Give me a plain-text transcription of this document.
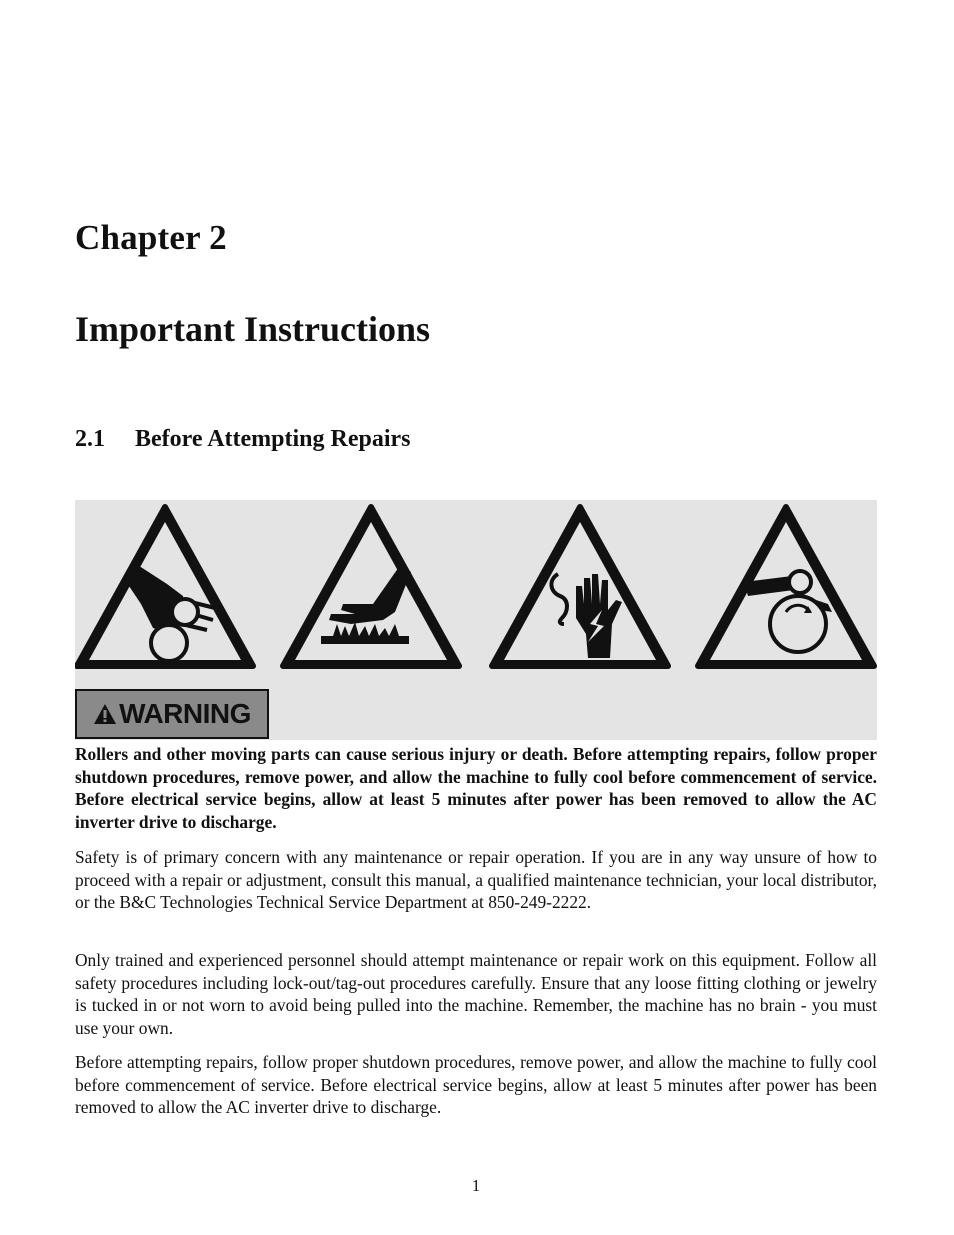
Chapter 2
Important Instructions
2.1 Before Attempting Repairs
WARNING

Rollers and other moving parts can cause serious injury or death. Before attempting repairs, follow proper shutdown procedures, remove power, and allow the machine to fully cool before commencement of service. Before electrical service begins, allow at least 5 minutes after power has been removed to allow the AC inverter drive to discharge.

Safety is of primary concern with any maintenance or repair operation. If you are in any way unsure of how to proceed with a repair or adjustment, consult this manual, a qualified maintenance technician, your local distributor, or the B&C Technologies Technical Service Department at 850-249-2222.

Only trained and experienced personnel should attempt maintenance or repair work on this equipment. Follow all safety procedures including lock-out/tag-out procedures carefully. Ensure that any loose fitting clothing or jewelry is tucked in or not worn to avoid being pulled into the machine. Remember, the machine has no brain - you must use your own.

Before attempting repairs, follow proper shutdown procedures, remove power, and allow the machine to fully cool before commencement of service. Before electrical service begins, allow at least 5 minutes after power has been removed to allow the AC inverter drive to discharge.

1
